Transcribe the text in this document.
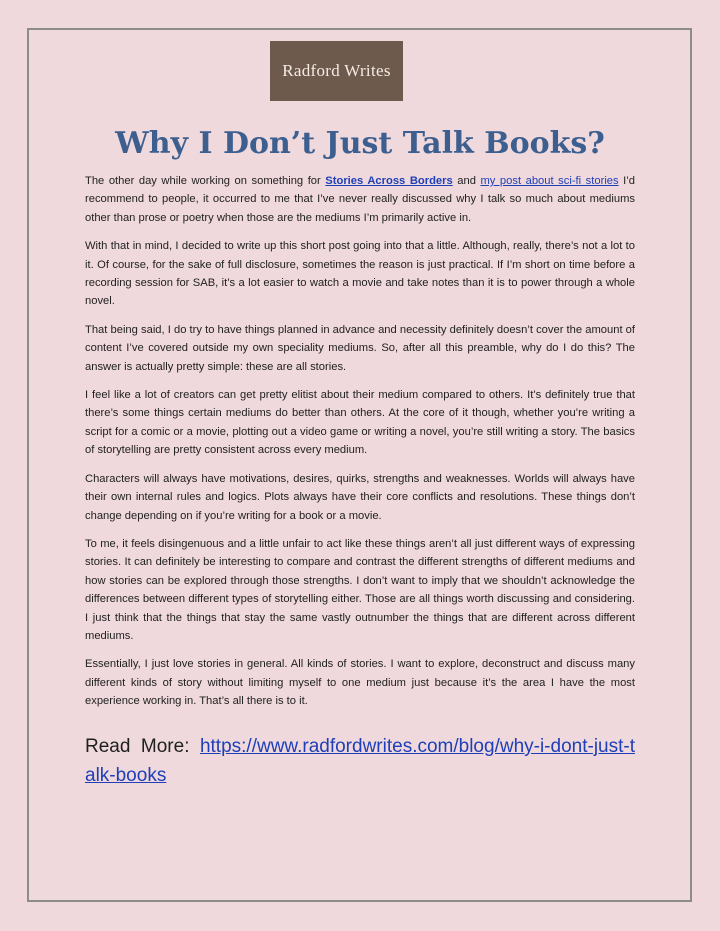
Radford Writes
Why I Don’t Just Talk Books?

The other day while working on something for Stories Across Borders and my post about sci-fi stories I’d recommend to people, it occurred to me that I’ve never really discussed why I talk so much about mediums other than prose or poetry when those are the mediums I’m primarily active in.

With that in mind, I decided to write up this short post going into that a little. Although, really, there’s not a lot to it. Of course, for the sake of full disclosure, sometimes the reason is just practical. If I’m short on time before a recording session for SAB, it’s a lot easier to watch a movie and take notes than it is to power through a whole novel.

That being said, I do try to have things planned in advance and necessity definitely doesn’t cover the amount of content I’ve covered outside my own speciality mediums. So, after all this preamble, why do I do this? The answer is actually pretty simple: these are all stories.

I feel like a lot of creators can get pretty elitist about their medium compared to others. It’s definitely true that there’s some things certain mediums do better than others. At the core of it though, whether you’re writing a script for a comic or a movie, plotting out a video game or writing a novel, you’re still writing a story. The basics of storytelling are pretty consistent across every medium.

Characters will always have motivations, desires, quirks, strengths and weaknesses. Worlds will always have their own internal rules and logics. Plots always have their core conflicts and resolutions. These things don’t change depending on if you’re writing for a book or a movie.

To me, it feels disingenuous and a little unfair to act like these things aren’t all just different ways of expressing stories. It can definitely be interesting to compare and contrast the different strengths of different mediums and how stories can be explored through those strengths. I don’t want to imply that we shouldn’t acknowledge the differences between different types of storytelling either. Those are all things worth discussing and considering. I just think that the things that stay the same vastly outnumber the things that are different across different mediums.

Essentially, I just love stories in general. All kinds of stories. I want to explore, deconstruct and discuss many different kinds of story without limiting myself to one medium just because it’s the area I have the most experience working in. That’s all there is to it.

Read More: https://www.radfordwrites.com/blog/why-i-dont-just-talk-books
